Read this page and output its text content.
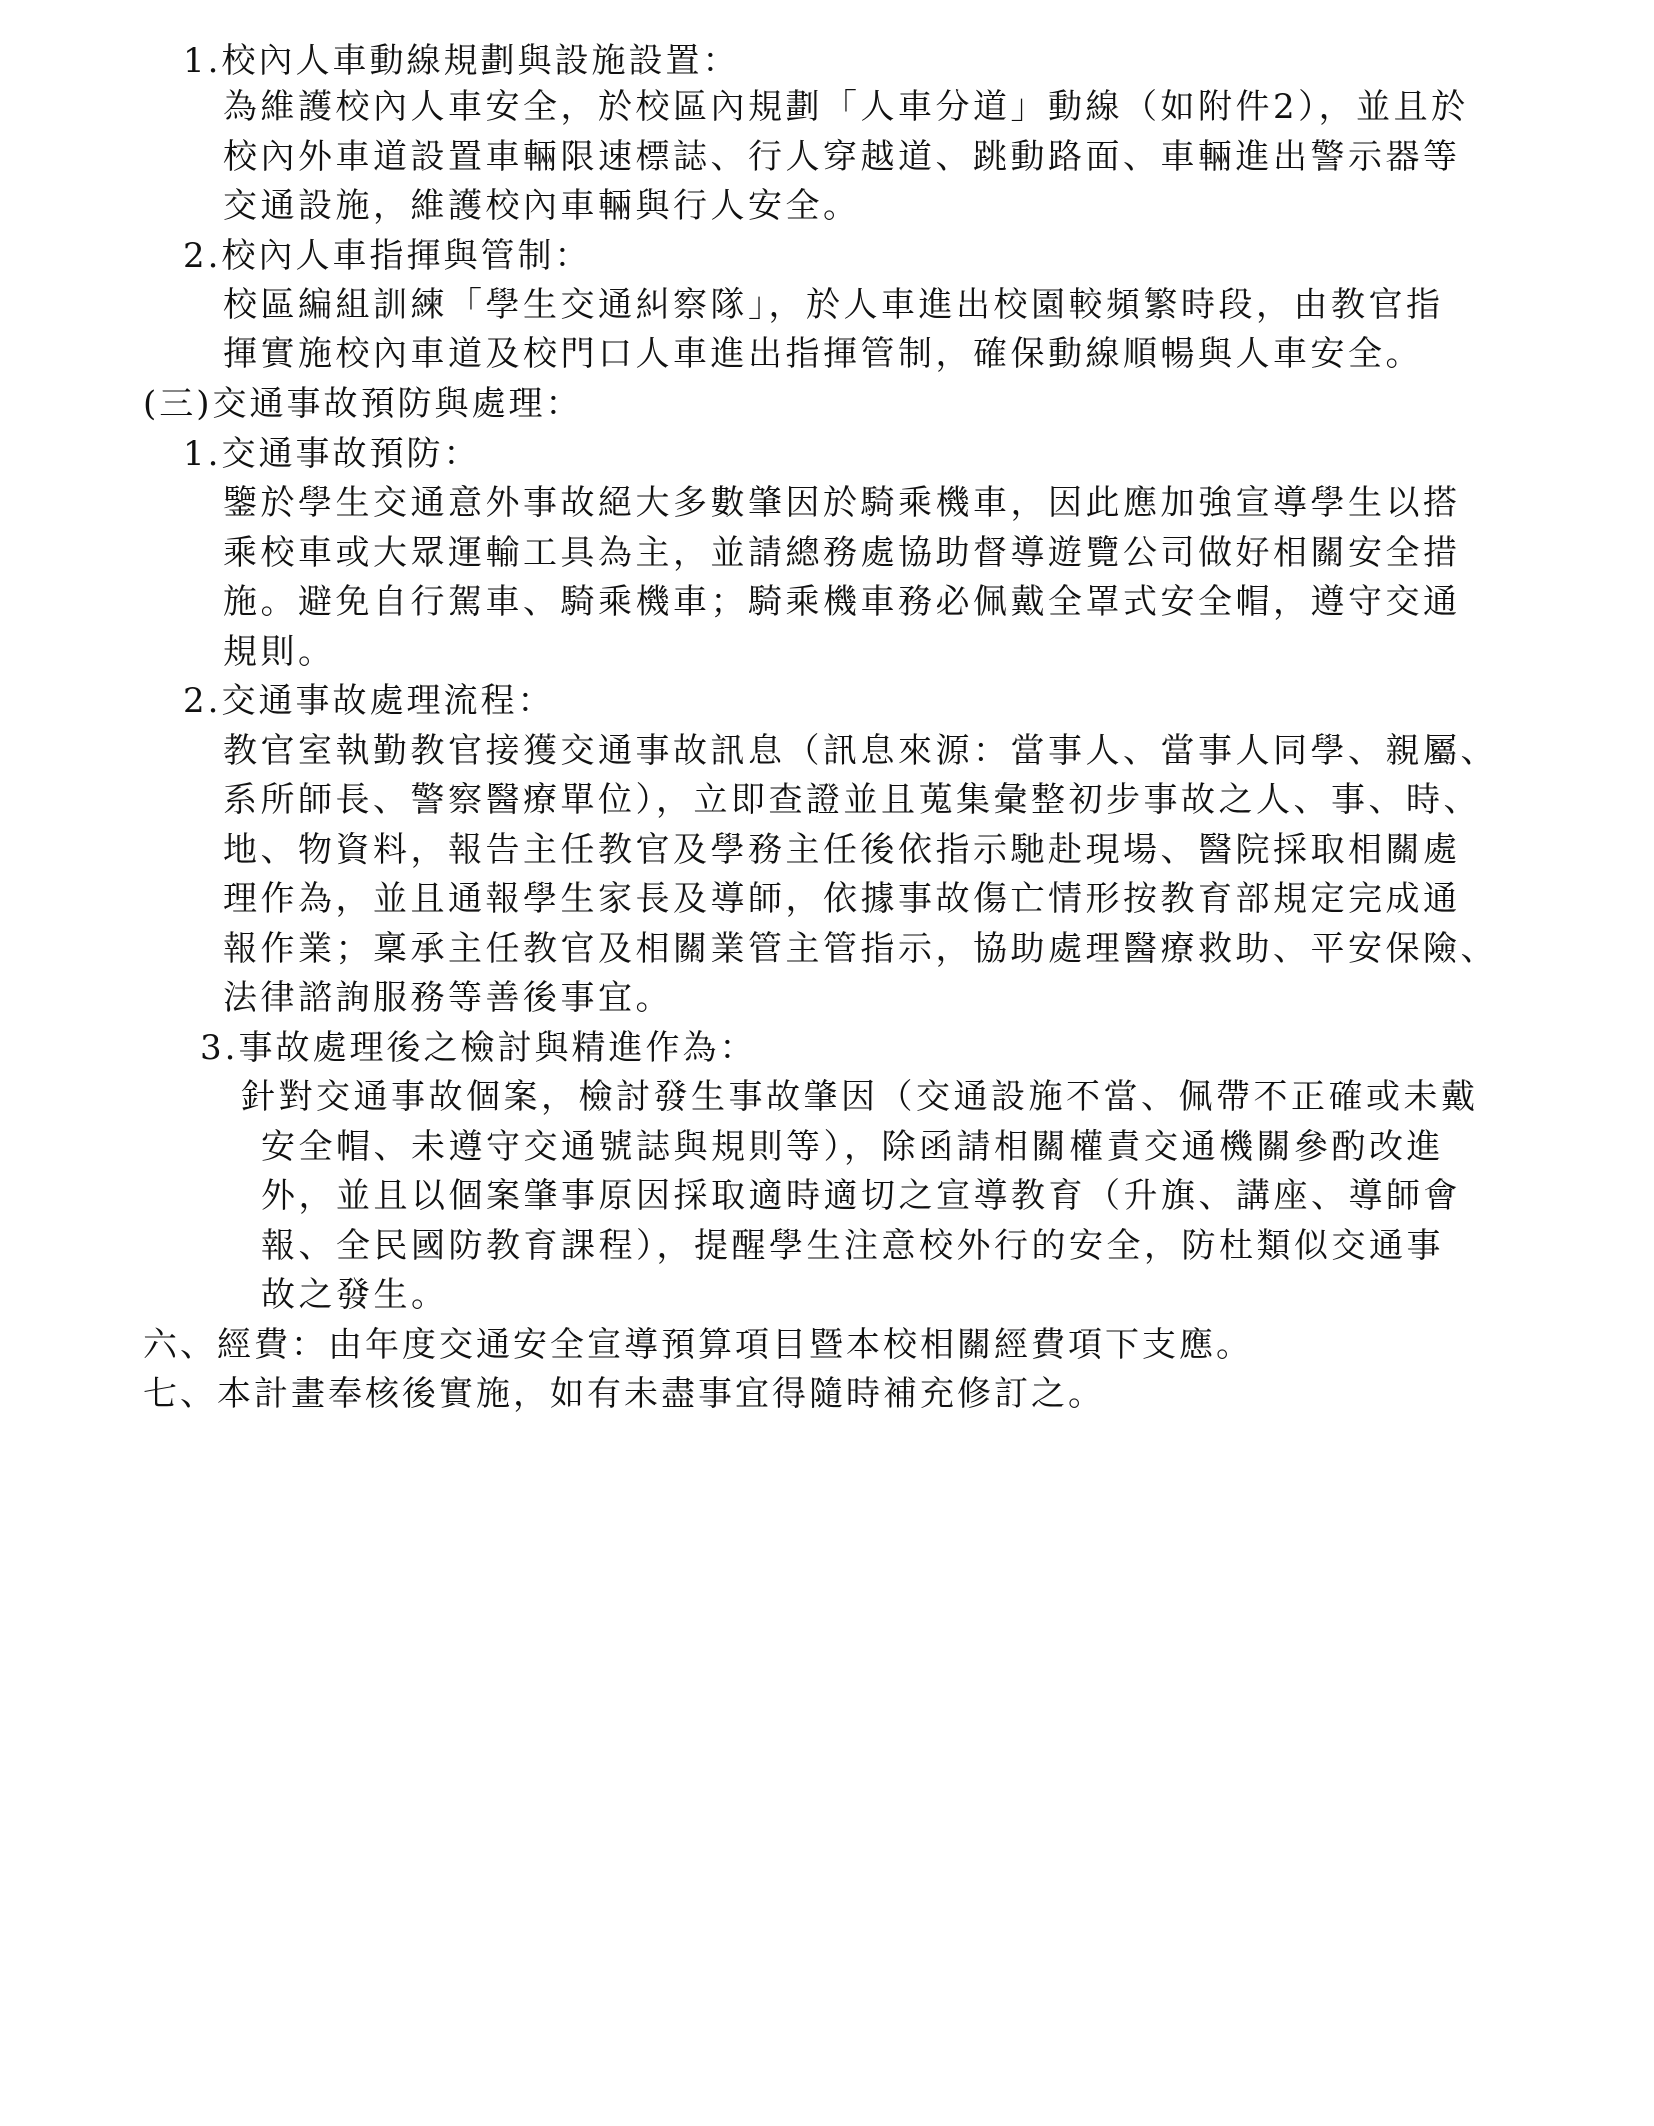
1.校內人車動線規劃與設施設置：
為維護校內人車安全，於校區內規劃「人車分道」動線（如附件2），並且於
校內外車道設置車輛限速標誌、行人穿越道、跳動路面、車輛進出警示器等
交通設施，維護校內車輛與行人安全。
2.校內人車指揮與管制：
校區編組訓練「學生交通糾察隊」，於人車進出校園較頻繁時段，由教官指
揮實施校內車道及校門口人車進出指揮管制，確保動線順暢與人車安全。
(三)交通事故預防與處理：
1.交通事故預防：
鑒於學生交通意外事故絕大多數肇因於騎乘機車，因此應加強宣導學生以搭
乘校車或大眾運輸工具為主，並請總務處協助督導遊覽公司做好相關安全措
施。避免自行駕車、騎乘機車；騎乘機車務必佩戴全罩式安全帽，遵守交通
規則。
2.交通事故處理流程：
教官室執勤教官接獲交通事故訊息（訊息來源：當事人、當事人同學、親屬、
系所師長、警察醫療單位），立即查證並且蒐集彙整初步事故之人、事、時、
地、物資料，報告主任教官及學務主任後依指示馳赴現場、醫院採取相關處
理作為，並且通報學生家長及導師，依據事故傷亡情形按教育部規定完成通
報作業；稟承主任教官及相關業管主管指示，協助處理醫療救助、平安保險、
法律諮詢服務等善後事宜。
3.事故處理後之檢討與精進作為：
針對交通事故個案，檢討發生事故肇因（交通設施不當、佩帶不正確或未戴
安全帽、未遵守交通號誌與規則等），除函請相關權責交通機關參酌改進
外，並且以個案肇事原因採取適時適切之宣導教育（升旗、講座、導師會
報、全民國防教育課程），提醒學生注意校外行的安全，防杜類似交通事
故之發生。
六、經費：由年度交通安全宣導預算項目暨本校相關經費項下支應。
七、本計畫奉核後實施，如有未盡事宜得隨時補充修訂之。
